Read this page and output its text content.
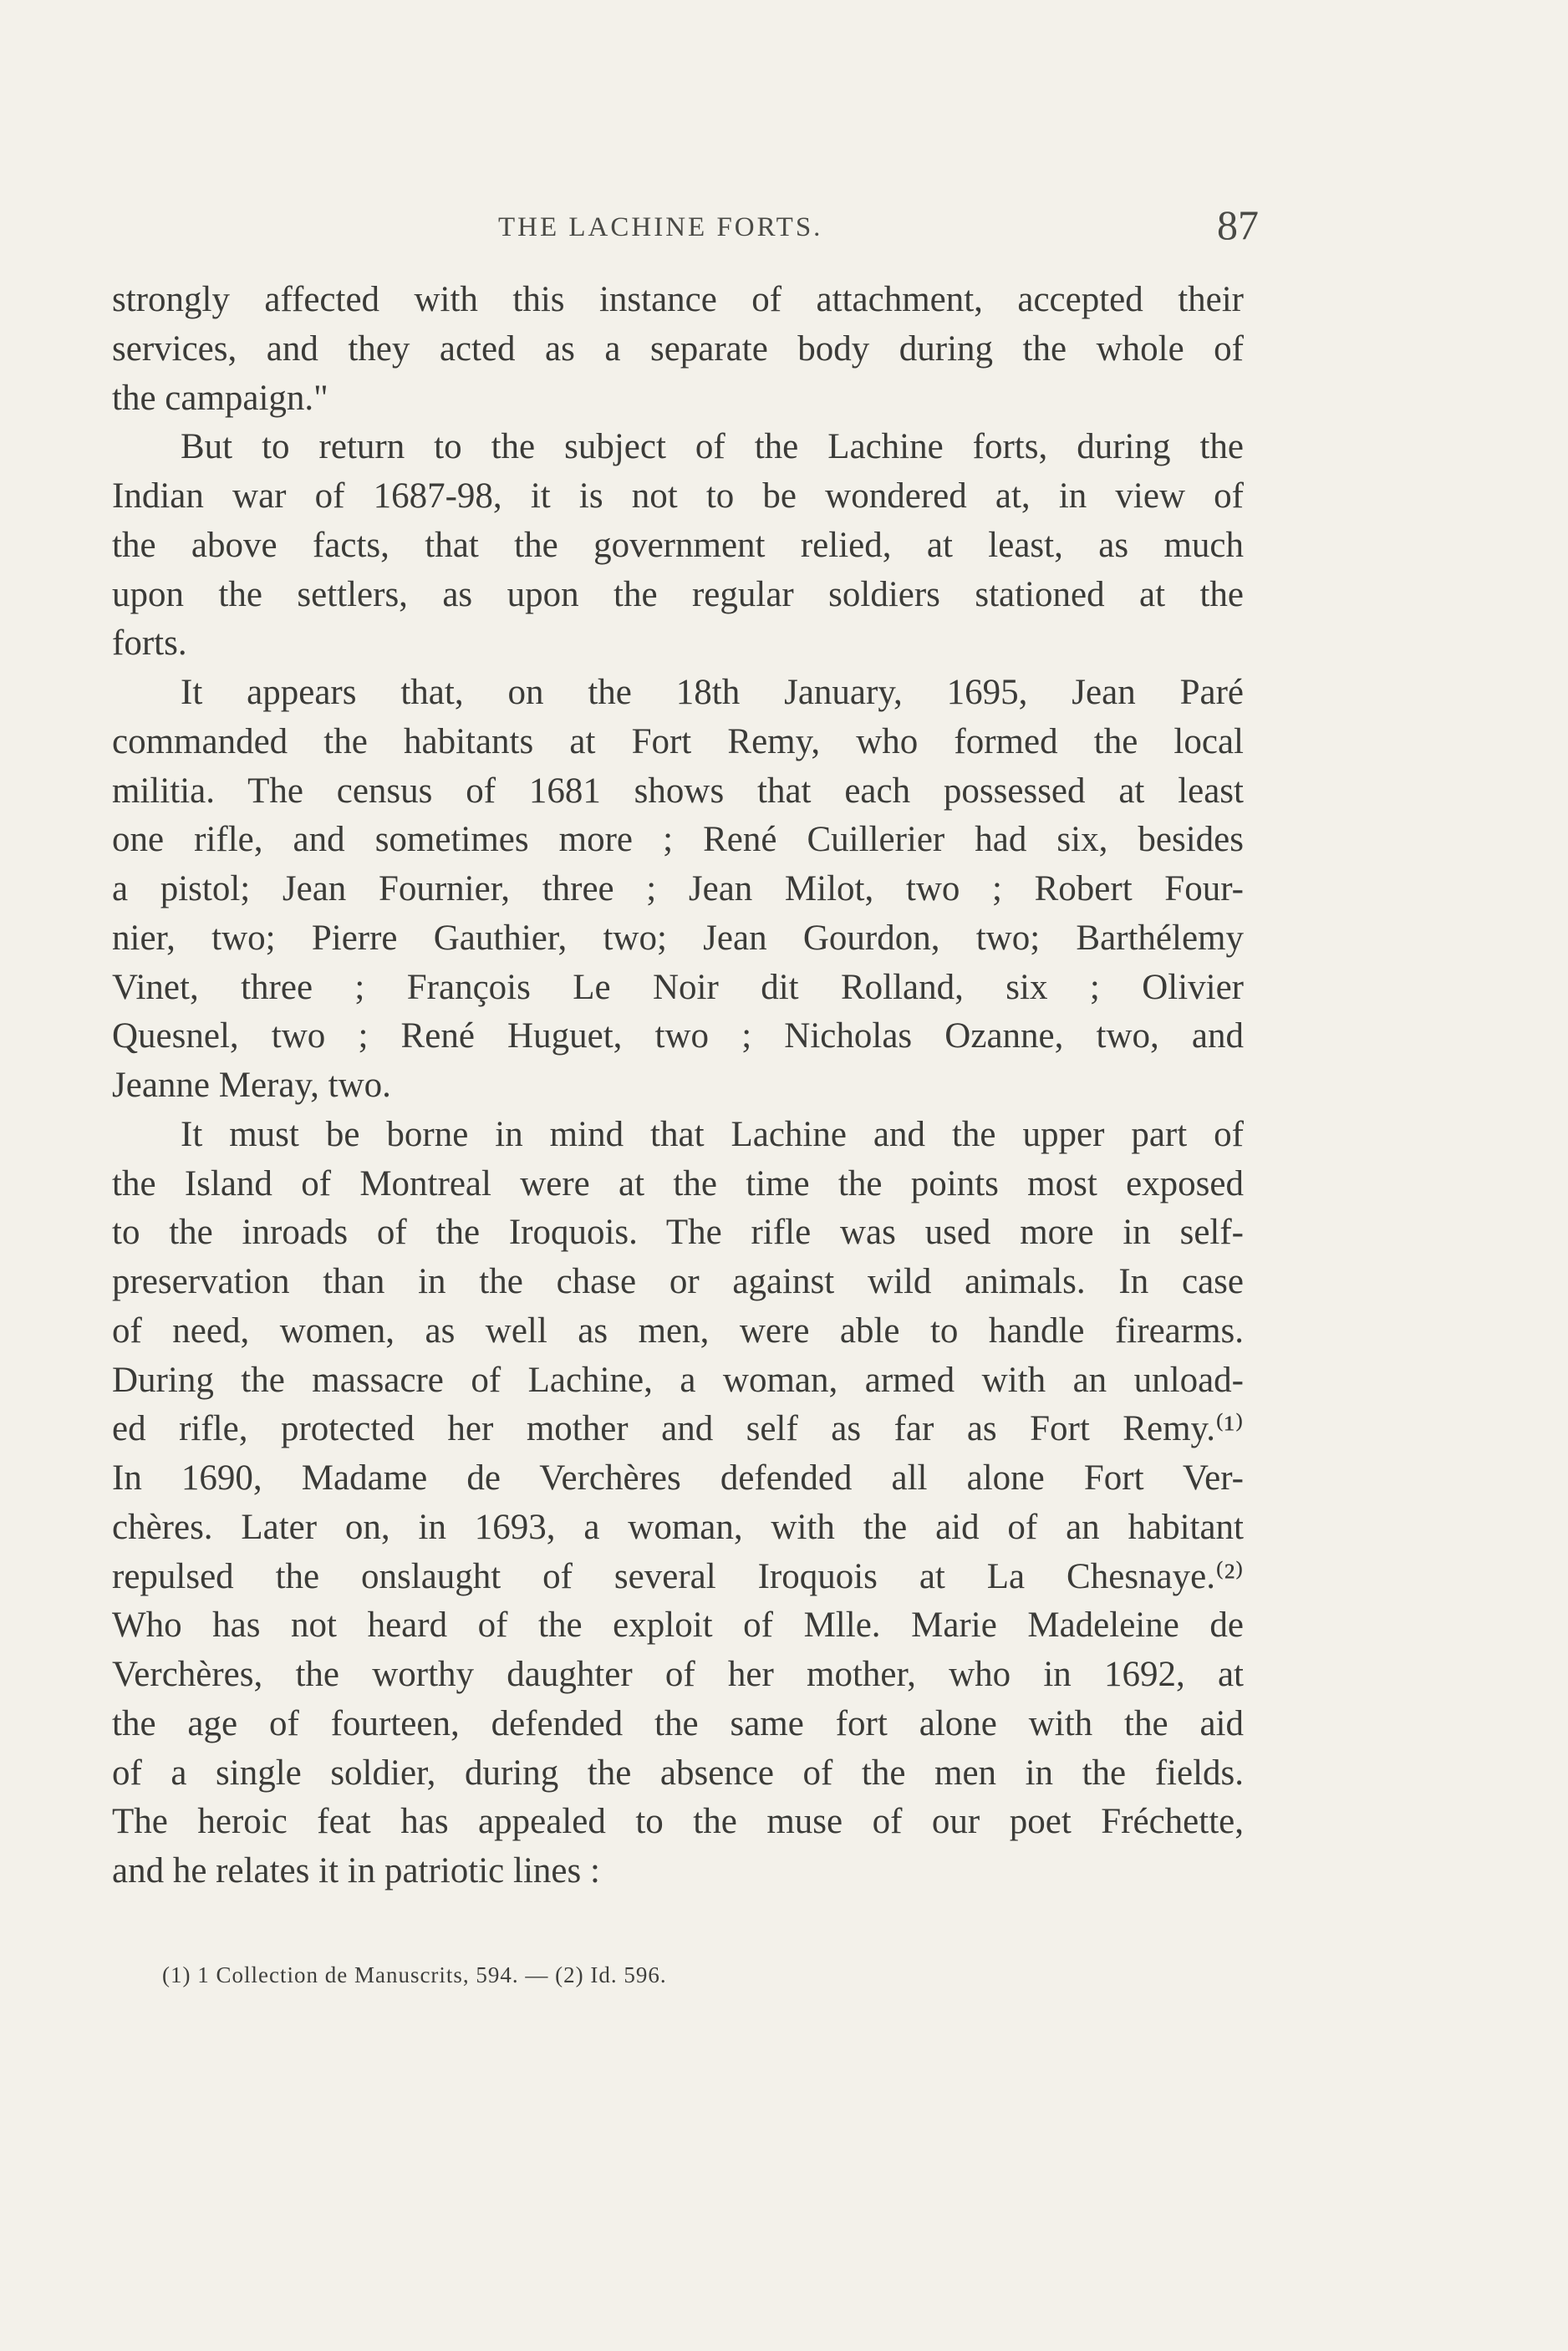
THE LACHINE FORTS.	87
strongly affected with this instance of attachment, accepted their
services, and they acted as a separate body during the whole of
the campaign."
But to return to the subject of the Lachine forts, during the
Indian war of 1687-98, it is not to be wondered at, in view of
the above facts, that the government relied, at least, as much
upon the settlers, as upon the regular soldiers stationed at the
forts.
It appears that, on the 18th January, 1695, Jean Paré
commanded the habitants at Fort Remy, who formed the local
militia. The census of 1681 shows that each possessed at least
one rifle, and sometimes more ; René Cuillerier had six, besides
a pistol; Jean Fournier, three ; Jean Milot, two ; Robert Four-
nier, two; Pierre Gauthier, two; Jean Gourdon, two; Barthélemy
Vinet, three ; François Le Noir dit Rolland, six ; Olivier
Quesnel, two ; René Huguet, two ; Nicholas Ozanne, two, and
Jeanne Meray, two.
It must be borne in mind that Lachine and the upper part of
the Island of Montreal were at the time the points most exposed
to the inroads of the Iroquois. The rifle was used more in self-
preservation than in the chase or against wild animals. In case
of need, women, as well as men, were able to handle firearms.
During the massacre of Lachine, a woman, armed with an unload-
ed rifle, protected her mother and self as far as Fort Remy.⁽¹⁾
In 1690, Madame de Verchères defended all alone Fort Ver-
chères. Later on, in 1693, a woman, with the aid of an habitant
repulsed the onslaught of several Iroquois at La Chesnaye.⁽²⁾
Who has not heard of the exploit of Mlle. Marie Madeleine de
Verchères, the worthy daughter of her mother, who in 1692, at
the age of fourteen, defended the same fort alone with the aid
of a single soldier, during the absence of the men in the fields.
The heroic feat has appealed to the muse of our poet Fréchette,
and he relates it in patriotic lines :
(1) 1 Collection de Manuscrits, 594. — (2) Id. 596.
